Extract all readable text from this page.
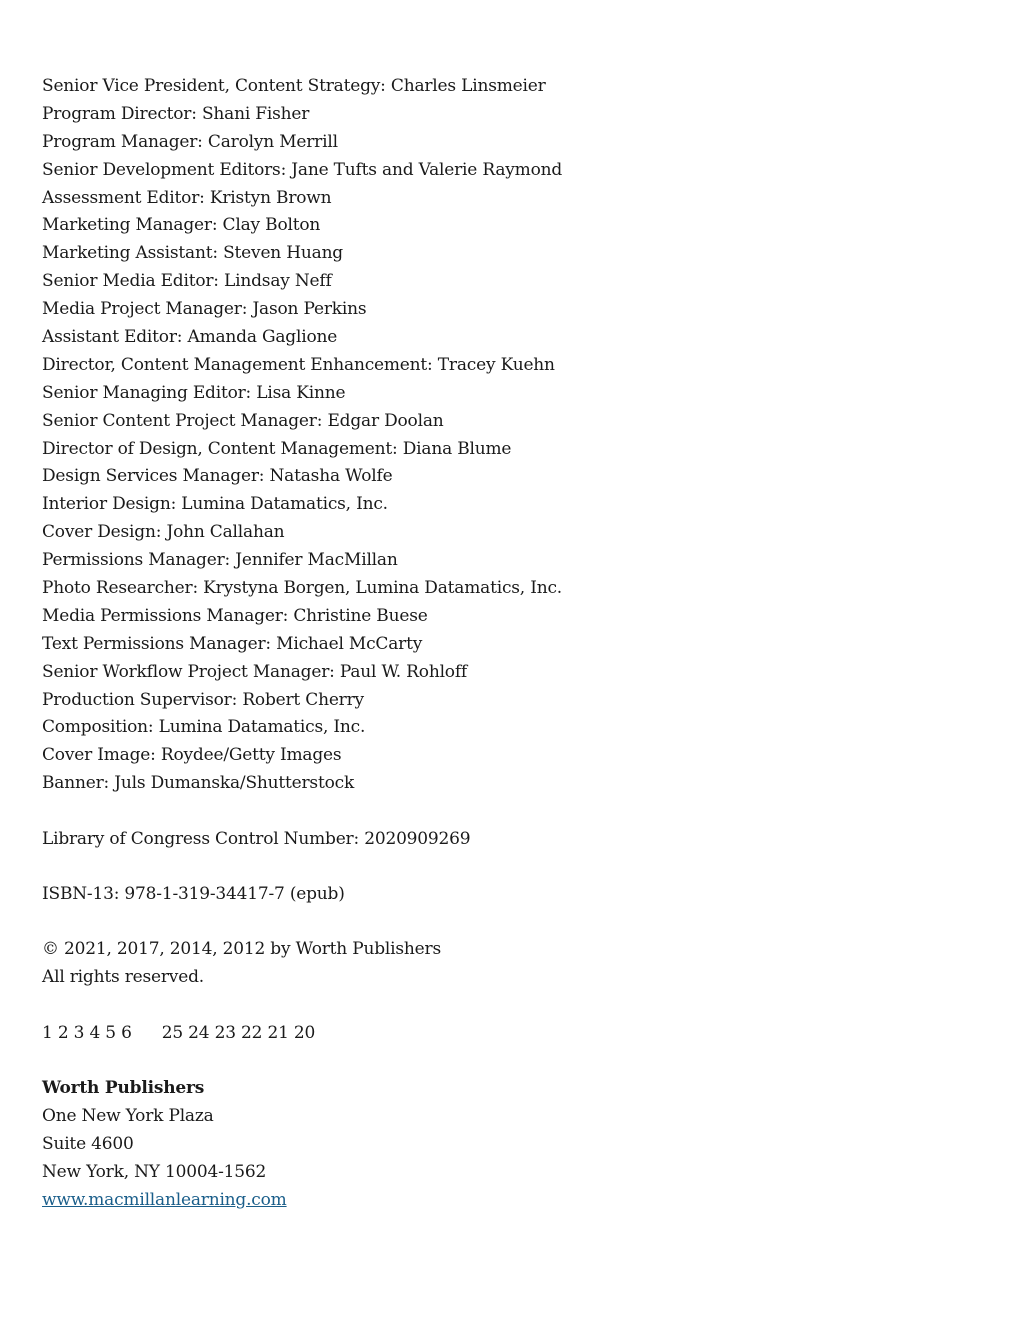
Senior Vice President, Content Strategy: Charles Linsmeier
Program Director: Shani Fisher
Program Manager: Carolyn Merrill
Senior Development Editors: Jane Tufts and Valerie Raymond
Assessment Editor: Kristyn Brown
Marketing Manager: Clay Bolton
Marketing Assistant: Steven Huang
Senior Media Editor: Lindsay Neff
Media Project Manager: Jason Perkins
Assistant Editor: Amanda Gaglione
Director, Content Management Enhancement: Tracey Kuehn
Senior Managing Editor: Lisa Kinne
Senior Content Project Manager: Edgar Doolan
Director of Design, Content Management: Diana Blume
Design Services Manager: Natasha Wolfe
Interior Design: Lumina Datamatics, Inc.
Cover Design: John Callahan
Permissions Manager: Jennifer MacMillan
Photo Researcher: Krystyna Borgen, Lumina Datamatics, Inc.
Media Permissions Manager: Christine Buese
Text Permissions Manager: Michael McCarty
Senior Workflow Project Manager: Paul W. Rohloff
Production Supervisor: Robert Cherry
Composition: Lumina Datamatics, Inc.
Cover Image: Roydee/Getty Images
Banner: Juls Dumanska/Shutterstock
Library of Congress Control Number: 2020909269
ISBN-13: 978-1-319-34417-7 (epub)
© 2021, 2017, 2014, 2012 by Worth Publishers
All rights reserved.
1 2 3 4 5 6 25 24 23 22 21 20
Worth Publishers
One New York Plaza
Suite 4600
New York, NY 10004-1562
www.macmillanlearning.com
